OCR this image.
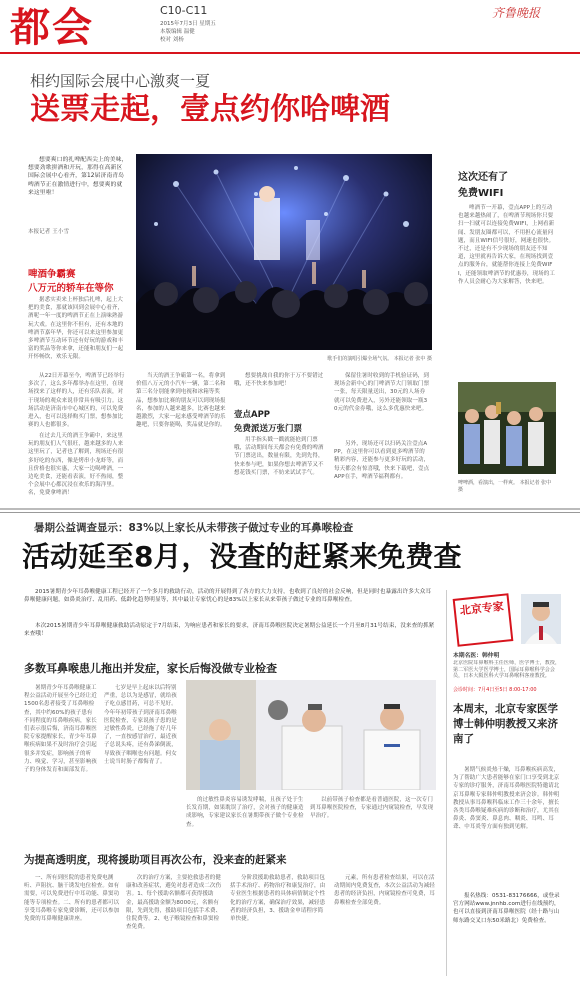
都会	C10-C11
2015年7月3日 星期五
本版编辑 温健
校对 刘杨
齐鲁晚报
相约国际会展中心激爽一夏
送票走起，壹点约你哈啤酒

想要爽口的扎啤配西尖上的美味，想要劲歌拼酒和开玩，那得在高新区国际会展中心看齐，第12届济南青岛啤酒节正在激情进行中，想要爽的就来这里啦！

本报记者 王小雪
啤酒争霸赛
八万元的轿车在等你

据悉实卖来上杯独后扎啤，起上大把的美食，那就该回到会展中心看齐，酒呢一年一度的啤酒节正在上演味熟游玩大戏。在这里你不但有，还有本地的啤酒节嘉年华，你还可以来这里参加更多啤酒节互动环节还有好玩的游戏和丰富的奖品等你来拿，还能和朋友们一起开怀畅饮，欢乐无限。

从22日开幕至今，啤酒节已经举行多次了，这么多年都举办在这里，在现场找来了这样的人，还有乐队表演，对于现场的观众来说非常具有吸引力。这场活动是济南市中心城区的，可以免费进入，也可以选择购买门票，想参加比赛的人也都很多。

在过去几天的酒王争霸中，来这里玩的朋友们人气很旺，越来越多的人来这里玩了，记者也了解到，现场还有很多好吃的东西，像是烤串小龙虾等，而且价格也很实惠，大家一边喝啤酒，一边吃美食，还能看表演，好不热闹，整个会展中心都沉浸在欢乐的海洋里。名，免费拿啤酒！

歌手们的演唱引爆全场气氛。 本报记者 张中 摄

当天的酒王争霸第一名，将拿到价值八万元的小汽车一辆，第二名和第三名分别能拿到电视和冰箱等奖品，想参加比赛的朋友可以到现场报名，参加的人越来越多，比赛也越来越激烈，大家一起来感受啤酒节的乐趣吧，只要你能喝，奖品就是你的。

想要挑战自我的你于万不要错过哦，还不快来参加吧！

壹点APP
免费派送万张门票

用手指头戳一戳就能抢到门票哦，活动期间每天都会有免费的啤酒节门票送出，数量有限，先到先得，快来参与吧，如果你想去啤酒节又不想花钱买门票，不妨来试试手气。

保留住暑时收到的手机验证码，到现场会新中心的门啤酒节大门领取门票一张，每天限量送出，30元的人场券就可以免费进入，另外还能领取一瓶30元的代金券哦，这么多优惠快来吧。

另外，现场还可以扫码关注壹点APP，在这里你可以看到更多啤酒节的精彩内容，还能参与更多好玩的活动，每天都会有惊喜哦，快来下载吧，壹点APP在手，啤酒节福利都有。

这次还有了
免费WIFI

啤酒节一开幕，壹点APP上的互动也越来越热闹了，在啤酒节现场你只要扫一扫就可以连接免费WIFI，上网看新闻、发朋友圈都可以，不用担心流量问题，而且WIFI信号很好，网速也很快。不过，还是有不少现场的朋友还不知道，这里就再告诉大家，在现场找到壹点的服务台，就能帮你连接上免费WIFI，还能领取啤酒节的优惠券，现场的工作人员会耐心为大家解答，快来吧。

啤啤酒，看演出，一样爽。 本报记者 张中 摄
暑期公益调查显示：83%以上家长从未带孩子做过专业的耳鼻喉检查
活动延至8月，没查的赶紧来免费查

2015暑期青少年耳鼻喉健康工程已经开了一个多月的救助行动，活动的开展得到了各方的大力支持，也收到了良好的社会反响，但是同时也暴露出许多大众耳鼻喉健康问题，如鼻炎治疗、乱用药、低龄化趋势明显等，其中最让专家忧心的是83%以上家长从来带孩子做过专业的耳鼻喉检查。

本次2015暑期青少年耳鼻喉健康救助活动原定于7月结束，为响应患者和家长的要求，济南耳鼻喉医院决定暑期公益延长一个月至8月31号结束，没来查的抓紧来查哦！

多数耳鼻喉患儿拖出并发症，家长后悔没做专业检查

暑期青少年耳鼻喉健康工程公益活动开展至今已经让近1500名患者接受了耳鼻喉检查，其中约60%的孩子患有不同程度的耳鼻喉疾病，家长们表示很后悔，济南耳鼻喉医院专家提醒家长，青少年耳鼻喉疾病如果不及时治疗会引起很多并发症，影响孩子的听力、嗅觉、学习，甚至影响孩子的身体发育和面部发育。

七岁是早上起床以后特别严重，总以为是感冒，就给孩子吃点感冒药，可总不见好。今年年初带孩子到济南耳鼻喉医院检查，专家说孩子患的是过敏性鼻炎，已经拖了好几年了，一直按感冒治疗，最近孩子总说头疼，还有鼻涕倒流，导致孩子咽喉也有问题。何女士说当时肠子都悔青了。

的过敏性鼻炎容易诱发哮喘，且孩子处于生长发育期，如果耽误了治疗，会对孩子的健康造成影响，专家建议家长在暑期带孩子做个专业检查。

以前带孩子检查都是看普通医院，这一次专门到耳鼻喉医院检查，专家通过内窥镜检查，早发现早治疗。

为提高透明度，现将援助项目再次公布，没来查的赶紧来

一、所有到医院的患者免费电测听、声阻抗、脑干诱发电位检查。如有需要，可以免费进行中耳功能、鼻窦功能等专项检查。二、所有的患者都可以享受耳鼻喉专家免费诊断，还可以参加免费的耳鼻喉健康讲座。

次的治疗方案，主要抢救患者的健康和改善症状，避免对患者造成二次伤害。1、每个援助名额都可获得援助金，最高援助金额为8000元，名额有限，先到先得，援助项目包括手术费、住院费等。2、电子喉镜检查和鼻窦检查免费。

分阶段援助救助患者，救助项目包括手术治疗、药物治疗和康复治疗，由专业医生根据患者的具体病情制定个性化的治疗方案，确保治疗效果，减轻患者的经济负担，3、援助金申请程序简单快捷。

元素，所有患者检查结果，可以在活动期间内免费复查，本次公益活动为减轻患者的经济负担，内窥镜检查可免费，耳鼻喉检查全部免费。

北京专家
本期名医：韩仲明
北京医院耳鼻喉科主任医师，医学博士，教授，第二军医大学医学博士，国际耳鼻喉科学会会员，日本大阪医科大学耳鼻喉科客座教授。
会诊时间：7月4日至5日 8:00-17:00
本周末，北京专家医学博士韩仲明教授又来济南了

暑期气候炎热干燥，耳鼻喉疾病高发，为了帮助广大患者能够在家门口享受到北京专家的诊疗服务，济南耳鼻喉医院特邀请北京耳鼻喉专家韩仲明教授来济会诊。韩仲明教授从事耳鼻喉科临床工作三十余年，擅长各类耳鼻喉疑难疾病的诊断和治疗，尤其在鼻炎、鼻窦炎、鼻息肉、咽炎、耳鸣、耳聋、中耳炎等方面有独到见解。

报名热线：0531-83176666，或登录官方网站www.jnnhb.com进行在线预约，也可以直接到济南耳鼻喉医院（经十路与山师东路交叉口东50米路北）免费检查。
